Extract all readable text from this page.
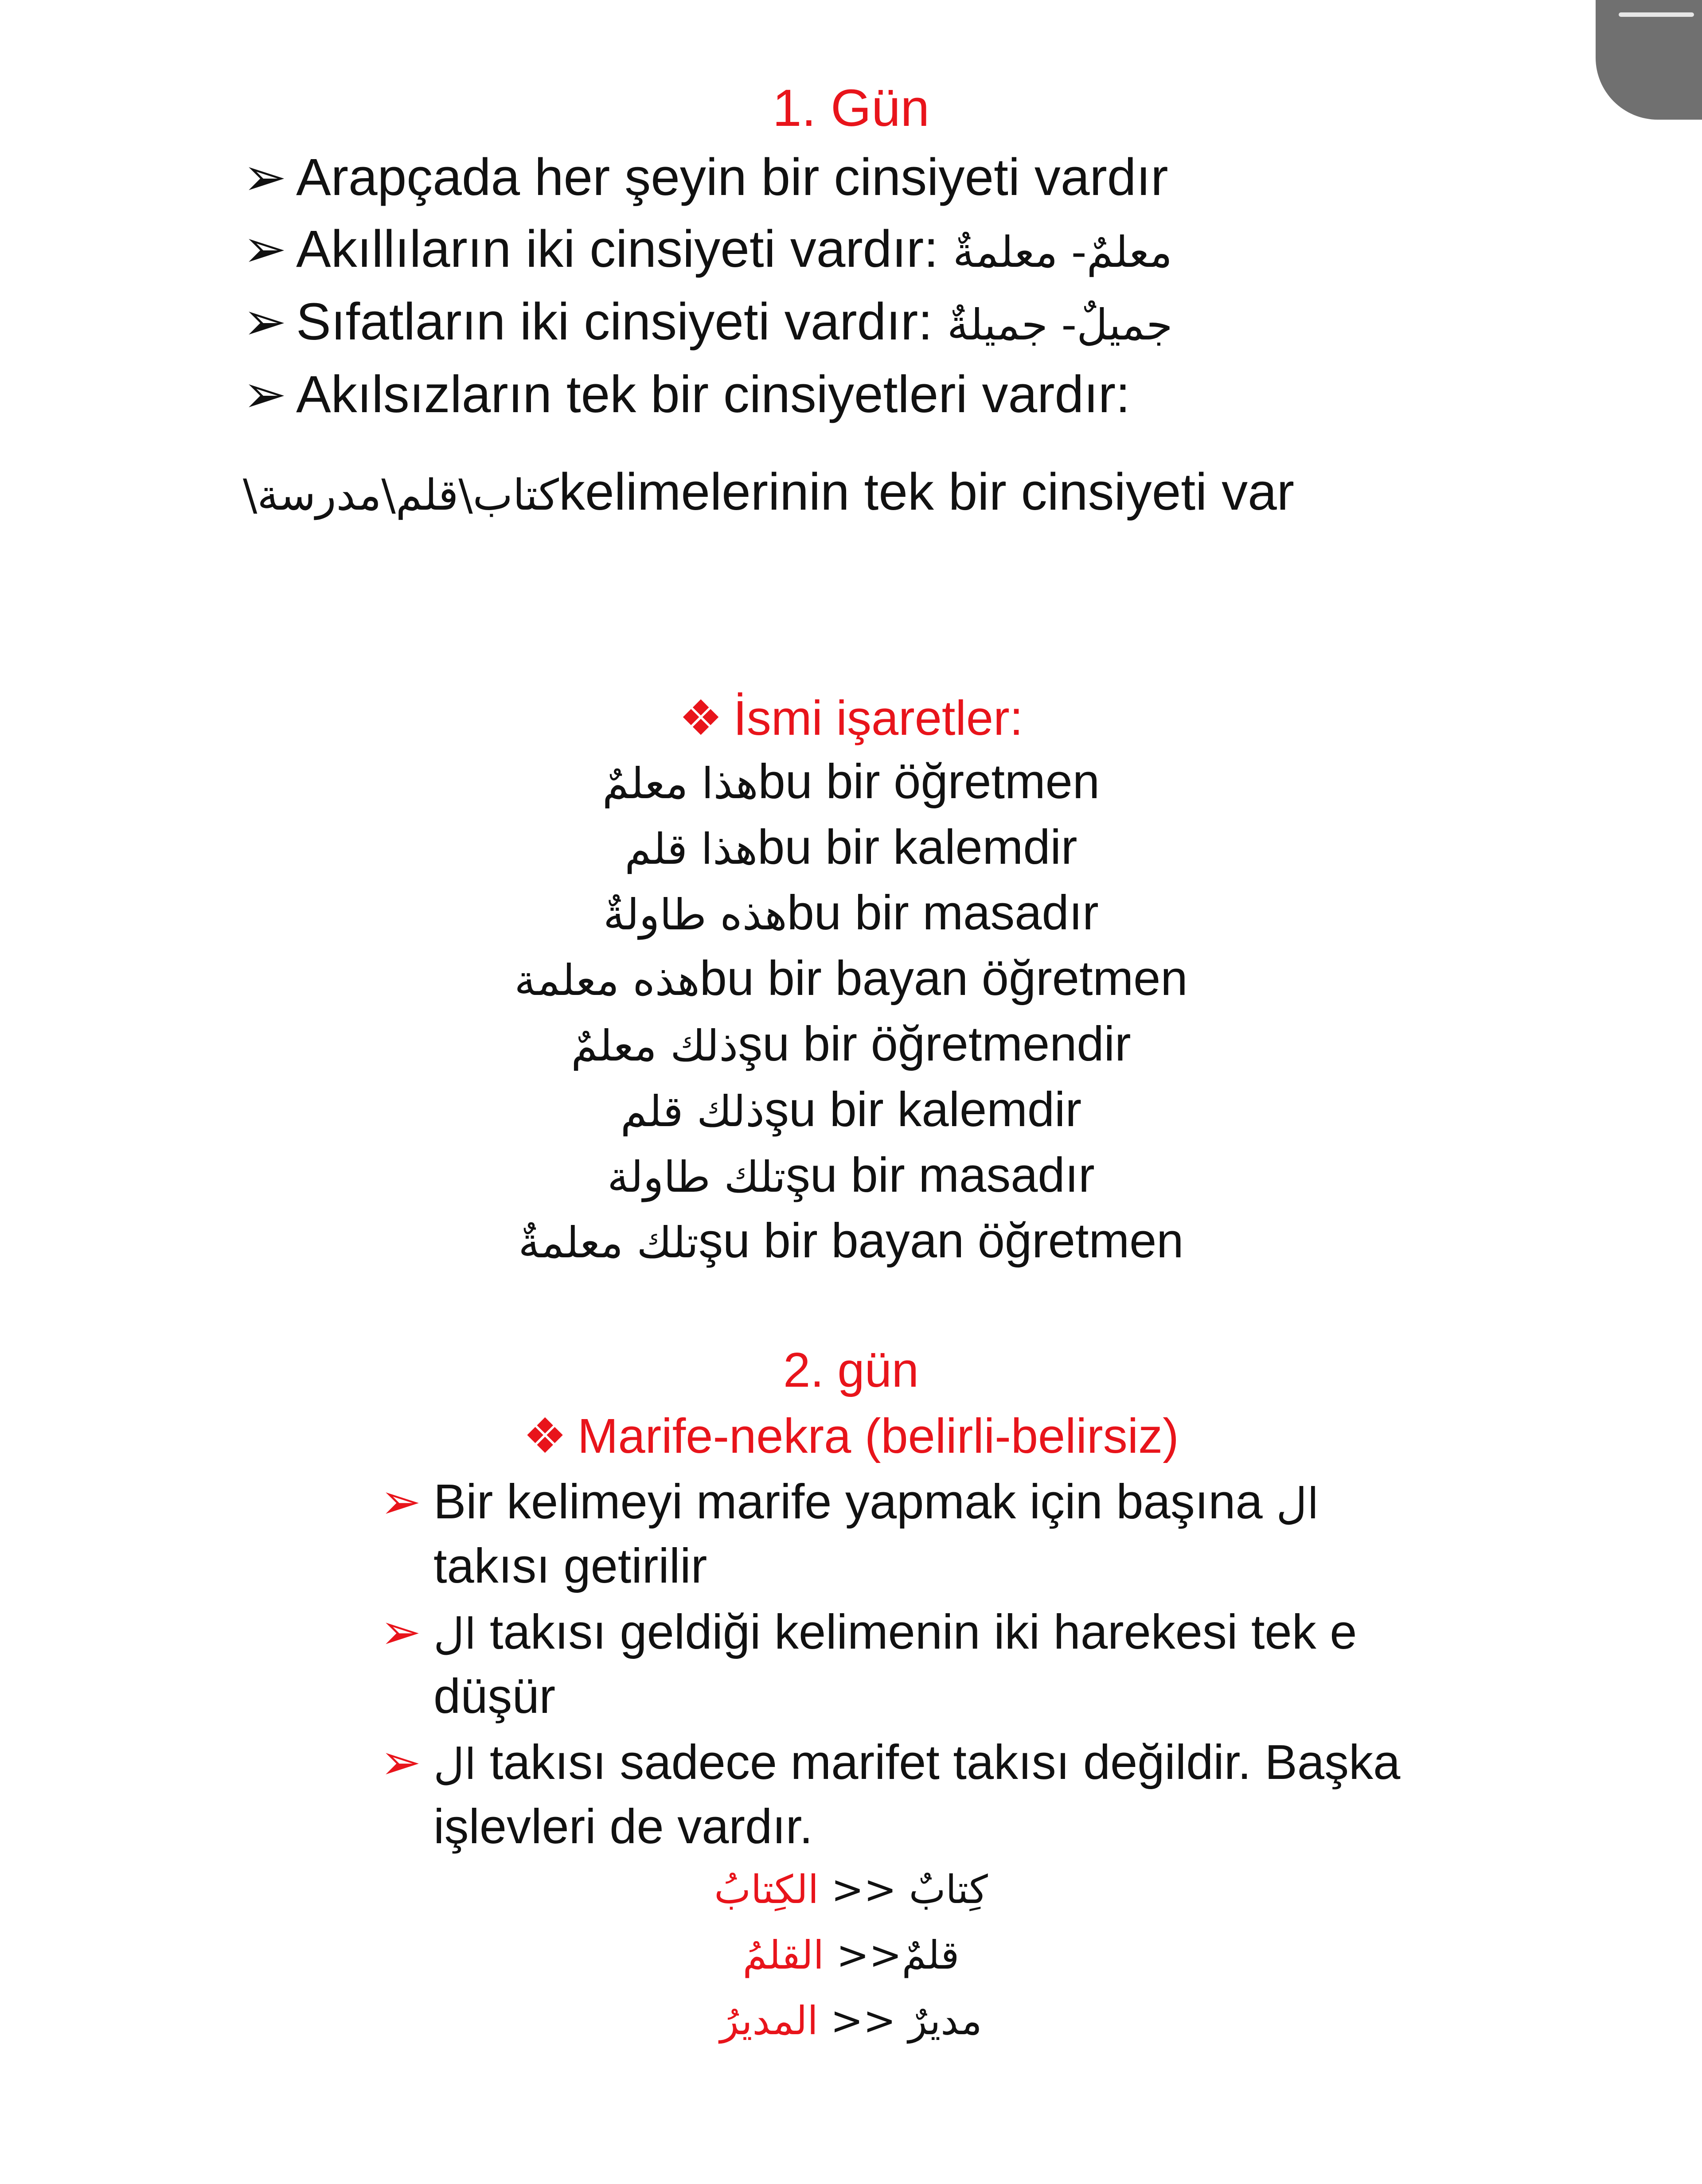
1. Gün
➢ Arapçada her şeyin bir cinsiyeti vardır
➢ Akıllıların iki cinsiyeti vardır: معلمٌ- معلمةٌ
➢ Sıfatların iki cinsiyeti vardır: جميلٌ- جميلةٌ
➢ Akılsızların tek bir cinsiyetleri vardır:
كتاب\قلم\مدرسة\kelimelerinin tek bir cinsiyeti var
❖ İsmi işaretler:
هذا معلمٌbu bir öğretmen
هذا قلمbu bir kalemdir
هذه طاولةٌbu bir masadır
هذه معلمةbu bir bayan öğretmen
ذلك معلمٌşu bir öğretmendir
ذلك قلمşu bir kalemdir
تلك طاولةşu bir masadır
تلك معلمةٌşu bir bayan öğretmen
2. gün
❖ Marife-nekra (belirli-belirsiz)
➢ Bir kelimeyi marife yapmak için başına ال
takısı getirilir
➢ ال takısı geldiği kelimenin iki harekesi tek e
düşür
➢ ال takısı sadece marifet takısı değildir. Başka
işlevleri de vardır.
كِتابٌ >> الكِتابُ
قلمٌ>> القلمُ
مديرٌ >> المديرُ
